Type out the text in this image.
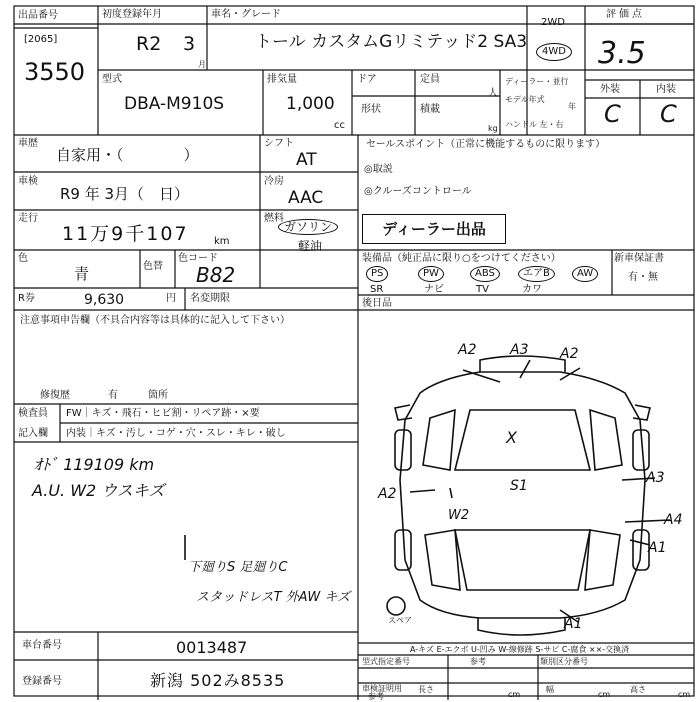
出品番号
[2065]
3550
初度登録年月
R2 3
月
車名・グレード
トール カスタムGリミテッド2 SA3
2WD
4WD
評価点
3.5
型式
DBA-M910S
排気量
1,000
cc
ドア	定員
人
形状	積載
kg
ディーラー・並行
モデル年式
年
ハンドル 左・右
外装	内装
C C
車歴
自家用・（　　　　）
シフト
AT
車検
R9 年 3月（　日）
冷房
AAC
走行
11万9千107	km
燃料
ガソリン
軽油
色
青	色替
色コード
B82
R券	9,630	円 名変期限
セールスポイント（正常に機能するものに限ります）
◎取説
◎クルーズコントロール
ディーラー出品
装備品（純正品に限り○をつけてください）	新車保証書
PS	PW	ABS	エアB	AW
SR	ナビ	TV	カワ
有・無
後日品
注意事項申告欄（不具合内容等は具体的に記入して下さい）
修復歴	有	箇所
検査員
記入欄
FW｜キズ・飛石・ヒビ割・リペア跡・×要
内装｜キズ・汚し・コゲ・穴・スレ・キレ・破し
ｵﾄﾞ 119109 km
A.U. W2 ウスキズ
下廻りS 足廻りC
スタッドレスT 外AW キズ
A2 A3 A2
X
S1	A3
A2
W2	A4
A1
A1
スペア
A-キズ E-エクボ U-凹み W-線修跡 S-サビ C-腐食 ××-交換済
車台番号	0013487
登録番号	新潟 502み8535
型式指定番号	類別区分番号
参考
車検証明用
参考
長さ
cm
幅
cm
高さ
cm
